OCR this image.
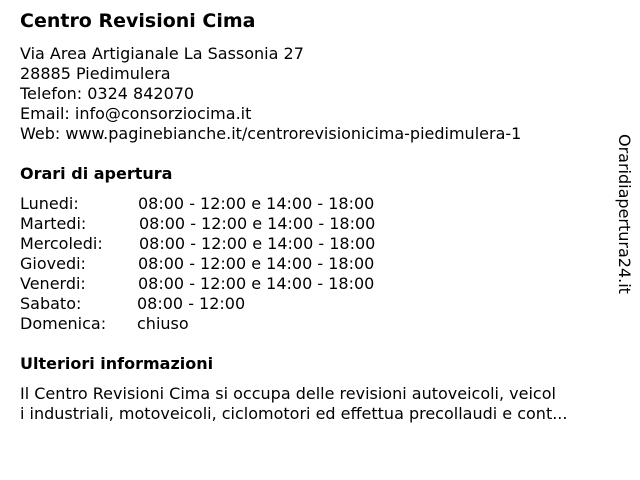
Centro Revisioni Cima
Via Area Artigianale La Sassonia 27
28885 Piedimulera
Telefon: 0324 842070
Email: info@consorziocima.it
Web: www.paginebianche.it/centrorevisionicima-piedimulera-1
Orari di apertura
Lunedi:	08:00 - 12:00 e 14:00 - 18:00
Martedi:	08:00 - 12:00 e 14:00 - 18:00
Mercoledi: 08:00 - 12:00 e 14:00 - 18:00
Giovedi:	08:00 - 12:00 e 14:00 - 18:00
Venerdi:	08:00 - 12:00 e 14:00 - 18:00
Sabato:	08:00 - 12:00
Domenica: chiuso
Ulteriori informazioni
Il Centro Revisioni Cima si occupa delle revisioni autoveicoli, veicol
i industriali, motoveicoli, ciclomotori ed effettua precollaudi e cont...
Oraridiapertura24.it
